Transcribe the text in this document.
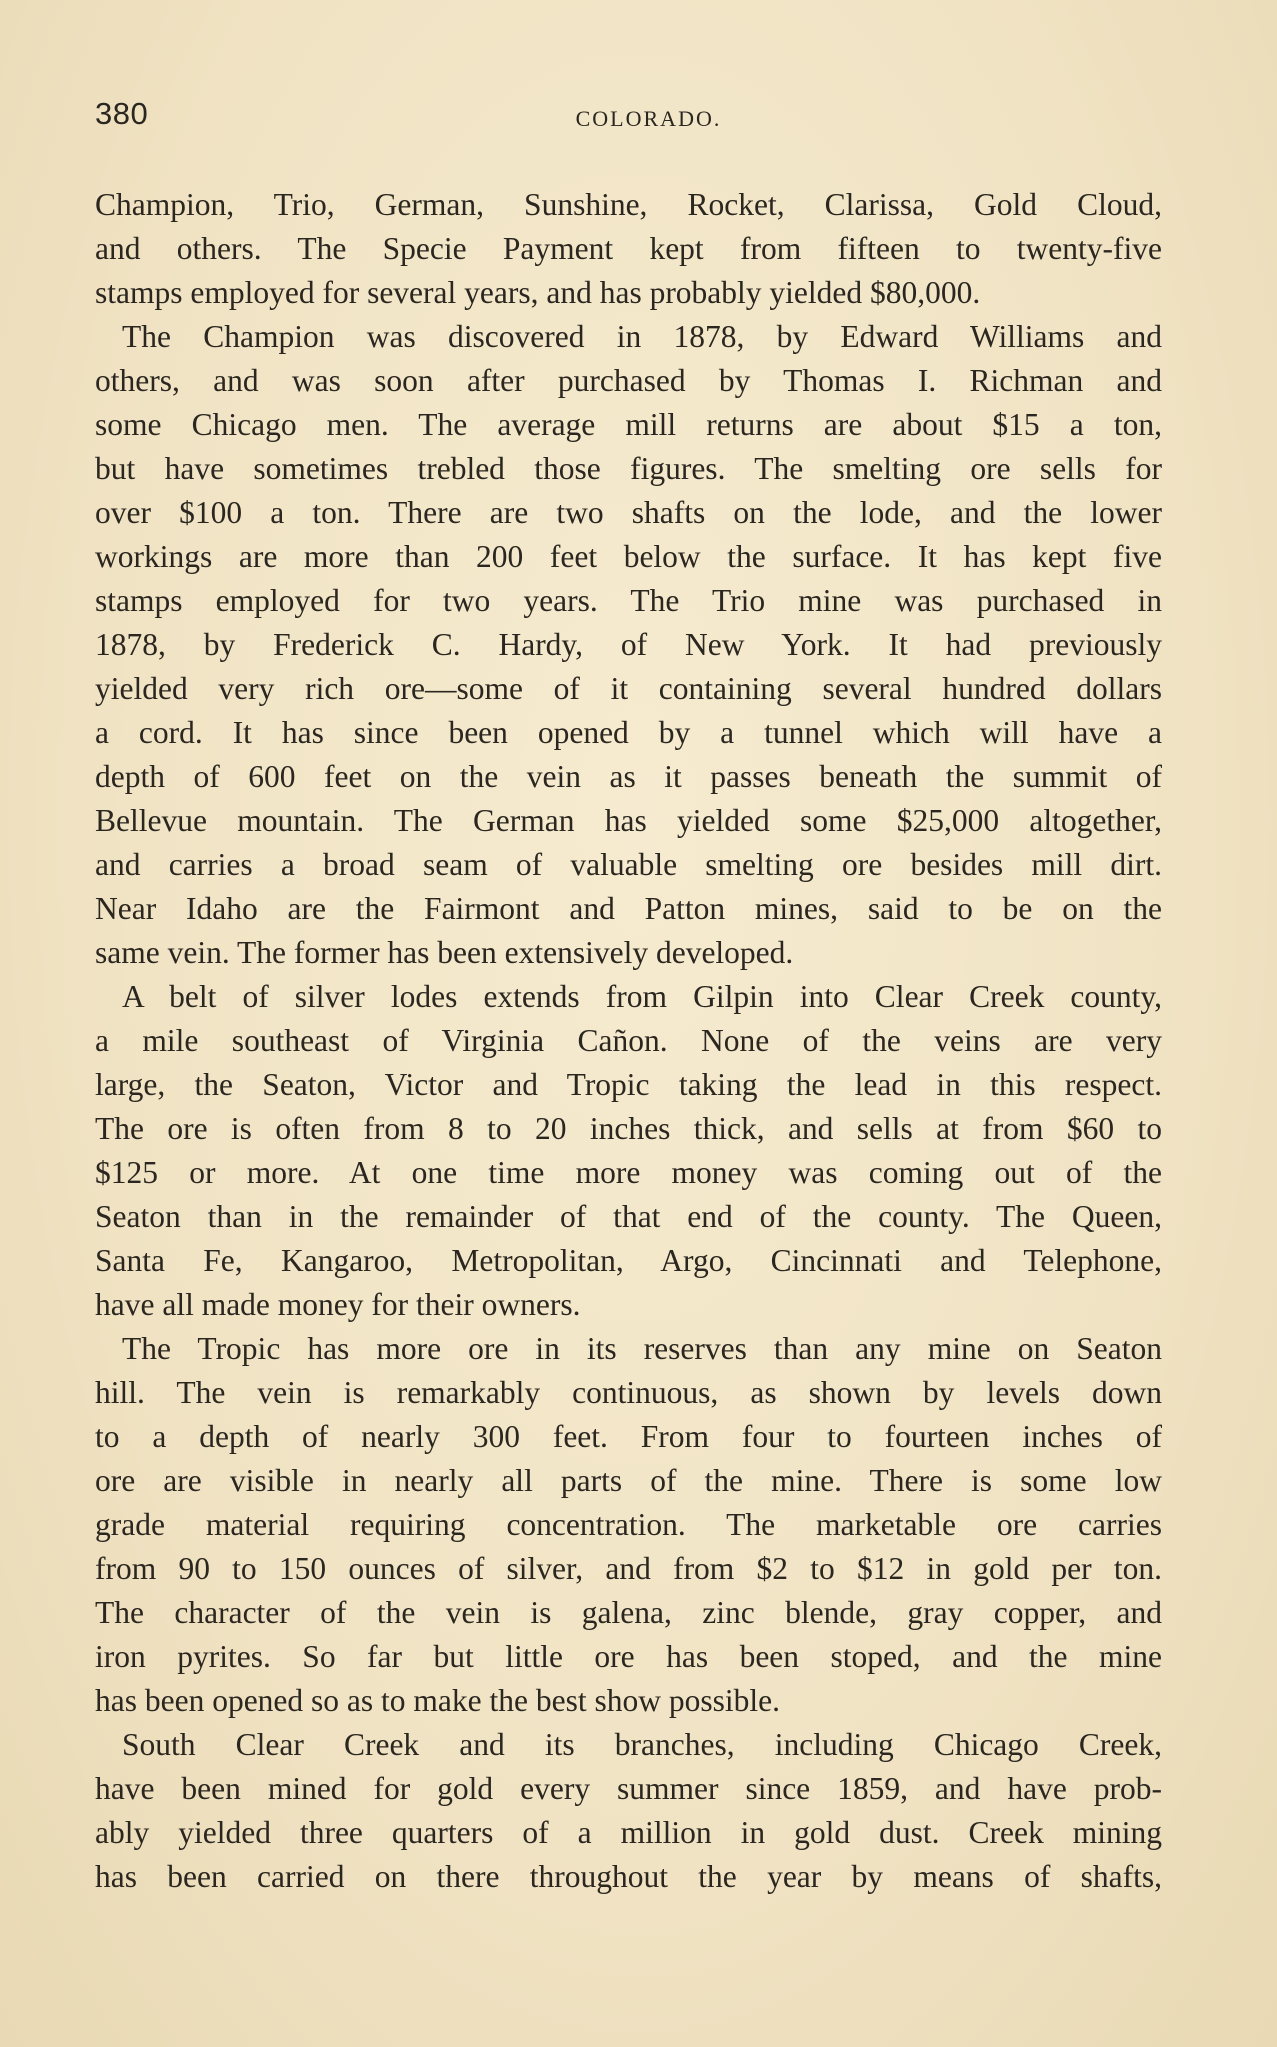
380	COLORADO.
Champion, Trio, German, Sunshine, Rocket, Clarissa, Gold Cloud,
and others. The Specie Payment kept from fifteen to twenty-five
stamps employed for several years, and has probably yielded $80,000.
The Champion was discovered in 1878, by Edward Williams and
others, and was soon after purchased by Thomas I. Richman and
some Chicago men. The average mill returns are about $15 a ton,
but have sometimes trebled those figures. The smelting ore sells for
over $100 a ton. There are two shafts on the lode, and the lower
workings are more than 200 feet below the surface. It has kept five
stamps employed for two years. The Trio mine was purchased in
1878, by Frederick C. Hardy, of New York. It had previously
yielded very rich ore—some of it containing several hundred dollars
a cord. It has since been opened by a tunnel which will have a
depth of 600 feet on the vein as it passes beneath the summit of
Bellevue mountain. The German has yielded some $25,000 altogether,
and carries a broad seam of valuable smelting ore besides mill dirt.
Near Idaho are the Fairmont and Patton mines, said to be on the
same vein. The former has been extensively developed.
A belt of silver lodes extends from Gilpin into Clear Creek county,
a mile southeast of Virginia Cañon. None of the veins are very
large, the Seaton, Victor and Tropic taking the lead in this respect.
The ore is often from 8 to 20 inches thick, and sells at from $60 to
$125 or more. At one time more money was coming out of the
Seaton than in the remainder of that end of the county. The Queen,
Santa Fe, Kangaroo, Metropolitan, Argo, Cincinnati and Telephone,
have all made money for their owners.
The Tropic has more ore in its reserves than any mine on Seaton
hill. The vein is remarkably continuous, as shown by levels down
to a depth of nearly 300 feet. From four to fourteen inches of
ore are visible in nearly all parts of the mine. There is some low
grade material requiring concentration. The marketable ore carries
from 90 to 150 ounces of silver, and from $2 to $12 in gold per ton.
The character of the vein is galena, zinc blende, gray copper, and
iron pyrites. So far but little ore has been stoped, and the mine
has been opened so as to make the best show possible.
South Clear Creek and its branches, including Chicago Creek,
have been mined for gold every summer since 1859, and have prob-
ably yielded three quarters of a million in gold dust. Creek mining
has been carried on there throughout the year by means of shafts,
